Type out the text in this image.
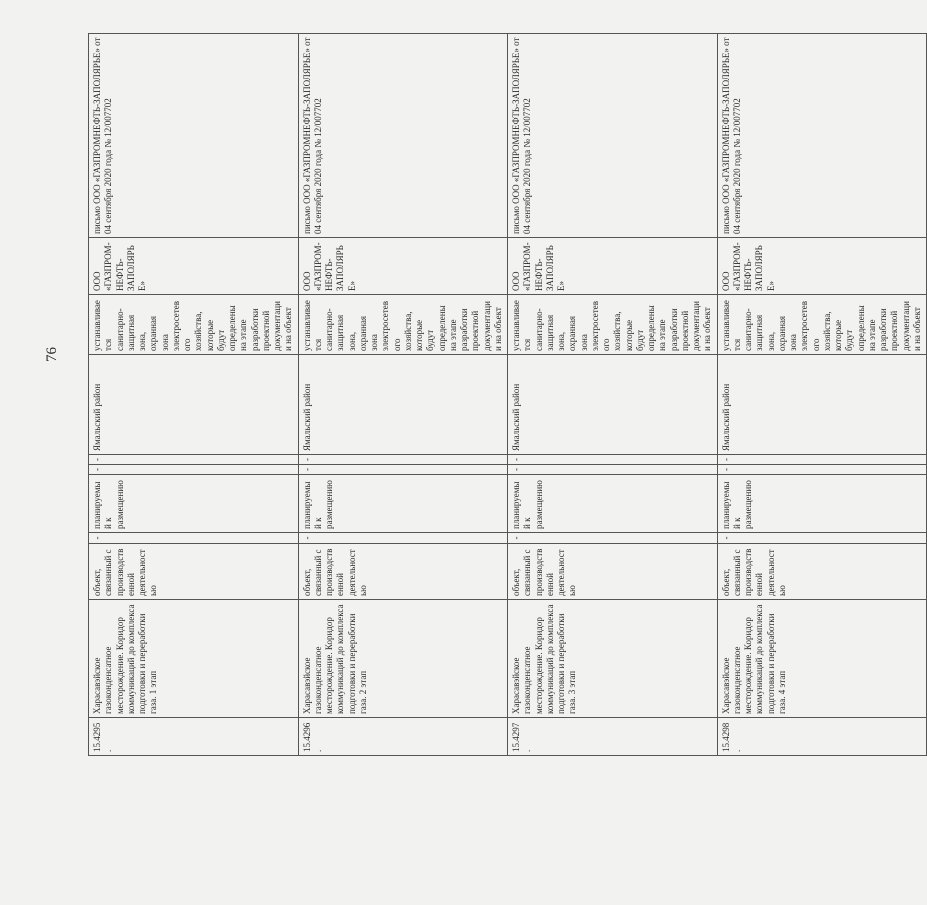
76
15.4295.	Харасавэйское газоконденсатное месторождение. Коридор коммуникаций до комплекса подготовки и переработки газа. 1 этап	объект, связанный с производственной деятельностью	-	планируемый к размещению	-	-	Ямальский район	устанавливается санитарно-защитная зона, охранная зона электросетевого хозяйства, которые будут определены на этапе разработки проектной документации на объект	ООО «ГАЗПРОМ-НЕФТЬ-ЗАПОЛЯРЬЕ»	письмо ООО «ГАЗПРОМНЕФТЬ-ЗАПОЛЯРЬЕ» от 04 сентября 2020 года № 12/007702
15.4296.	Харасавэйское газоконденсатное месторождение. Коридор коммуникаций до комплекса подготовки и переработки газа. 2 этап	объект, связанный с производственной деятельностью	-	планируемый к размещению	-	-	Ямальский район	устанавливается санитарно-защитная зона, охранная зона электросетевого хозяйства, которые будут определены на этапе разработки проектной документации на объект	ООО «ГАЗПРОМ-НЕФТЬ-ЗАПОЛЯРЬЕ»	письмо ООО «ГАЗПРОМНЕФТЬ-ЗАПОЛЯРЬЕ» от 04 сентября 2020 года № 12/007702
15.4297.	Харасавэйское газоконденсатное месторождение. Коридор коммуникаций до комплекса подготовки и переработки газа. 3 этап	объект, связанный с производственной деятельностью	-	планируемый к размещению	-	-	Ямальский район	устанавливается санитарно-защитная зона, охранная зона электросетевого хозяйства, которые будут определены на этапе разработки проектной документации на объект	ООО «ГАЗПРОМ-НЕФТЬ-ЗАПОЛЯРЬЕ»	письмо ООО «ГАЗПРОМНЕФТЬ-ЗАПОЛЯРЬЕ» от 04 сентября 2020 года № 12/007702
15.4298.	Харасавэйское газоконденсатное месторождение. Коридор коммуникаций до комплекса подготовки и переработки газа. 4 этап	объект, связанный с производственной деятельностью	-	планируемый к размещению	-	-	Ямальский район	устанавливается санитарно-защитная зона, охранная зона электросетевого хозяйства, которые будут определены на этапе разработки проектной документации на объект	ООО «ГАЗПРОМ-НЕФТЬ-ЗАПОЛЯРЬЕ»	письмо ООО «ГАЗПРОМНЕФТЬ-ЗАПОЛЯРЬЕ» от 04 сентября 2020 года № 12/007702
